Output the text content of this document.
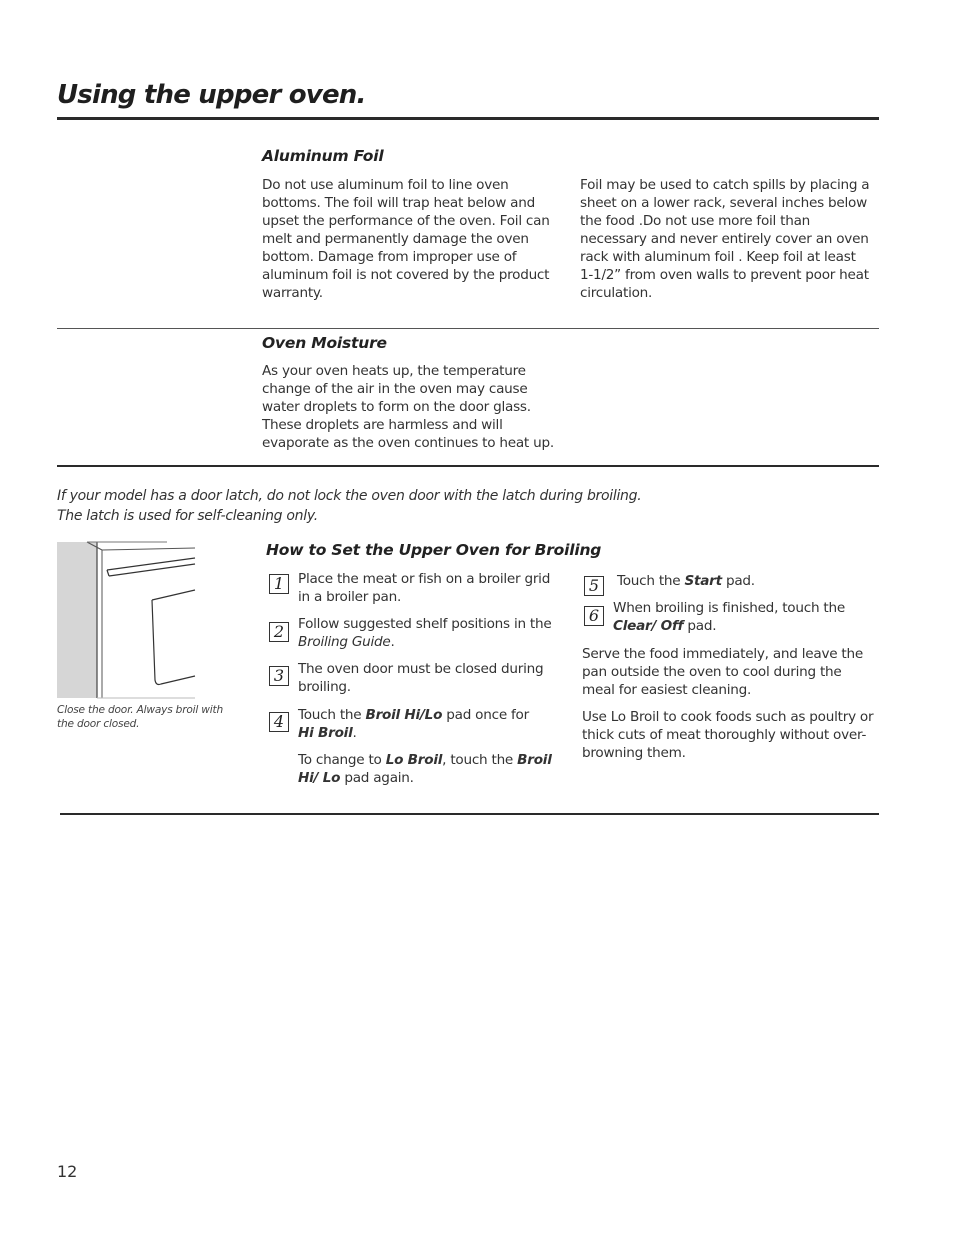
Using the upper oven.
Aluminum Foil
Do not use aluminum foil to line oven bottoms. The foil will trap heat below and upset the performance of the oven. Foil can melt and permanently damage the oven bottom. Damage from improper use of aluminum foil is not covered by the product warranty.
Foil may be used to catch spills by placing a sheet on a lower rack, several inches below the food .Do not use more foil than necessary and never entirely cover an oven rack with aluminum foil . Keep foil at least 1-1/2” from oven walls to prevent poor heat circulation.
Oven Moisture
As your oven heats up, the temperature change of the air in the oven may cause water droplets to form on the door glass. These droplets are harmless and will evaporate as the oven continues to heat up.
If your model has a door latch, do not lock the oven door with the latch during broiling.
The latch is used for self-cleaning only.
Close the door. Always broil with the door closed.
How to Set the Upper Oven for Broiling
1	Place the meat or fish on a broiler grid in a broiler pan.
2	Follow suggested shelf positions in the Broiling Guide.
3	The oven door must be closed during broiling.
4	Touch the Broil Hi/Lo pad once for
Hi Broil.
To change to Lo Broil, touch the Broil Hi/ Lo pad again.
5	Touch the Start pad.
6	When broiling is finished, touch the Clear/ Off pad.
Serve the food immediately, and leave the pan outside the oven to cool during the meal for easiest cleaning.
Use Lo Broil to cook foods such as poultry or thick cuts of meat thoroughly without over-browning them.
12
